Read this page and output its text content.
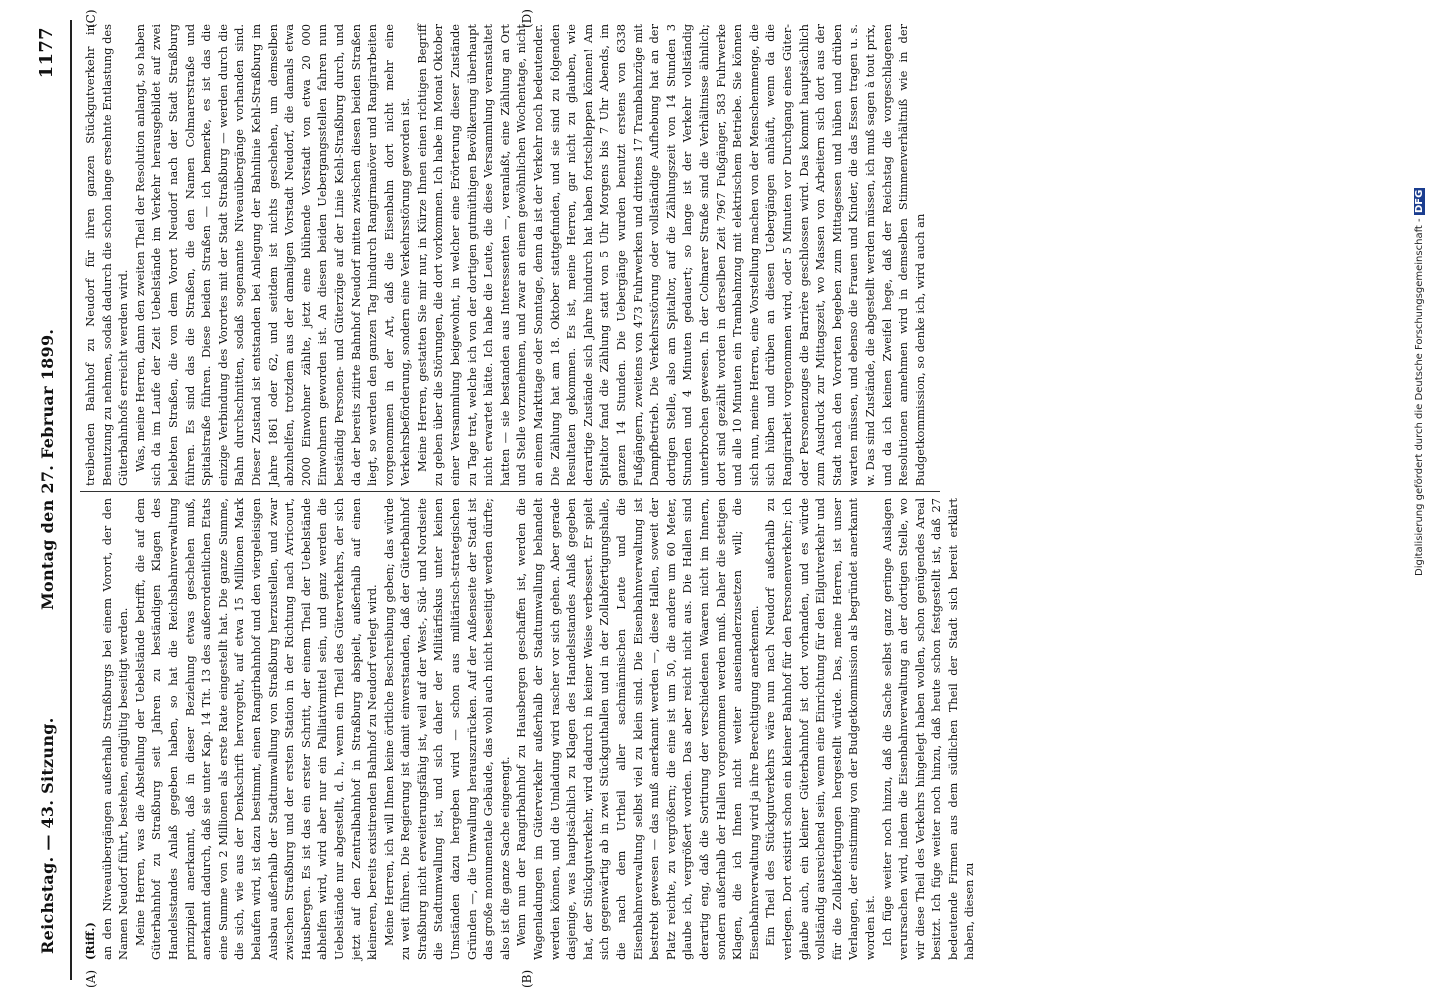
Reichstag. — 43. Sitzung.
Montag den 27. Februar 1899.
1177
(A)	(B)
(C)	(D)

(Riff.) an den Niveauübergängen außerhalb Straßburgs bei einem Vorort, der den Namen Neudorf führt, bestehen, endgültig beseitigt werden. Meine Herren, was die Abstellung der Uebelstände betrifft, die auf dem Güterbahnhof zu Straßburg seit Jahren zu beständigen Klagen des Handelsstandes Anlaß gegeben haben, so hat die Reichsbahnverwaltung prinzipiell anerkannt, daß in dieser Beziehung etwas geschehen muß, anerkannt dadurch, daß sie unter Kap. 14 Tit. 13 des außerordentlichen Etats eine Summe von 2 Millionen als erste Rate eingestellt hat. Die ganze Summe, die sich, wie aus der Denkschrift hervorgeht, auf etwa 15 Millionen Mark belaufen wird, ist dazu bestimmt, einen Rangirbahnhof und den viergeleisigen Ausbau außerhalb der Stadtumwallung von Straßburg herzustellen, und zwar zwischen Straßburg und der ersten Station in der Richtung nach Avricourt, Hausbergen. Es ist das ein erster Schritt, der einem Theil der Uebelstände abhelfen wird, wird aber nur ein Palliativmittel sein, und ganz werden die Uebelstände nur abgestellt, d. h., wenn ein Theil des Güterverkehrs, der sich jetzt auf den Zentralbahnhof in Straßburg abspielt, außerhalb auf einen kleineren, bereits existirenden Bahnhof zu Neudorf verlegt wird. Meine Herren, ich will Ihnen keine örtliche Beschreibung geben; das würde zu weit führen. Die Regierung ist damit einverstanden, daß der Güterbahnhof Straßburg nicht erweiterungsfähig ist, weil auf der West-, Süd- und Nordseite die Stadtumwallung ist, und sich daher der Militärfiskus unter keinen Umständen dazu hergeben wird — schon aus militärisch-strategischen Gründen —, die Umwallung herauszurücken. Auf der Außenseite der Stadt ist das große monumentale Gebäude, das wohl auch nicht beseitigt werden dürfte; also ist die ganze Sache eingeengt. Wenn nun der Rangirbahnhof zu Hausbergen geschaffen ist, werden die Wagenladungen im Güterverkehr außerhalb der Stadtumwallung behandelt werden können, und die Umladung wird rascher vor sich gehen. Aber gerade dasjenige, was hauptsächlich zu Klagen des Handelsstandes Anlaß gegeben hat, der Stückgutverkehr, wird dadurch in keiner Weise verbessert. Er spielt sich gegenwärtig ab in zwei Stückguthallen und in der Zollabfertigungshalle, die nach dem Urtheil aller sachmännischen Leute und die Eisenbahnverwaltung selbst viel zu klein sind. Die Eisenbahnverwaltung ist bestrebt gewesen — das muß anerkannt werden —, diese Hallen, soweit der Platz reichte, zu vergrößern; die eine ist um 50, die andere um 60 Meter, glaube ich, vergrößert worden. Das aber reicht nicht aus. Die Hallen sind derartig eng, daß die Sortirung der verschiedenen Waaren nicht im Innern, sondern außerhalb der Hallen vorgenommen werden muß. Daher die stetigen Klagen, die ich Ihnen nicht weiter auseinanderzusetzen will; die Eisenbahnverwaltung wird ja ihre Berechtigung anerkennen. Ein Theil des Stückgutverkehrs wäre nun nach Neudorf außerhalb zu verlegen. Dort existirt schon ein kleiner Bahnhof für den Personenverkehr; ich glaube auch, ein kleiner Güterbahnhof ist dort vorhanden, und es würde vollständig ausreichend sein, wenn eine Einrichtung für den Eilgutverkehr und für die Zollabfertigungen hergestellt würde. Das, meine Herren, ist unser Verlangen, der einstimmig von der Budgetkommission als begründet anerkannt worden ist. Ich füge weiter noch hinzu, daß die Sache selbst ganz geringe Auslagen verursachen wird, indem die Eisenbahnverwaltung an der dortigen Stelle, wo wir diese Theil des Verkehrs hingelegt haben wollen, schon genügendes Areal besitzt. Ich füge weiter noch hinzu, daß heute schon festgestellt ist, daß 27 bedeutende Firmen aus dem südlichen Theil der Stadt sich bereit erklärt haben, diesen zu

treibenden Bahnhof zu Neudorf für ihren ganzen Stückgutverkehr in Benutzung zu nehmen, sodaß dadurch die schon lange ersehnte Entlastung des Güterbahnhofs erreicht werden wird. Was, meine Herren, dann den zweiten Theil der Resolution anlangt, so haben sich da im Laufe der Zeit Uebelstände im Verkehr herausgebildet auf zwei belebten Straßen, die von dem Vorort Neudorf nach der Stadt Straßburg führen. Es sind das die Straßen, die den Namen Colmarerstraße und Spitalstraße führen. Diese beiden Straßen — ich bemerke, es ist das die einzige Verbindung des Vorortes mit der Stadt Straßburg — werden durch die Bahn durchschnitten, sodaß sogenannte Niveauübergänge vorhanden sind. Dieser Zustand ist entstanden bei Anlegung der Bahnlinie Kehl-Straßburg im Jahre 1861 oder 62, und seitdem ist nichts geschehen, um demselben abzuhelfen, trotzdem aus der damaligen Vorstadt Neudorf, die damals etwa 2000 Einwohner zählte, jetzt eine blühende Vorstadt von etwa 20 000 Einwohnern geworden ist. An diesen beiden Uebergangsstellen fahren nun beständig Personen- und Güterzüge auf der Linie Kehl-Straßburg durch, und da der bereits zitirte Bahnhof Neudorf mitten zwischen diesen beiden Straßen liegt, so werden den ganzen Tag hindurch Rangirmanöver und Rangirarbeiten vorgenommen in der Art, daß die Eisenbahn dort nicht mehr eine Verkehrsbeförderung, sondern eine Verkehrsstörung geworden ist. Meine Herren, gestatten Sie mir nur, in Kürze Ihnen einen richtigen Begriff zu geben über die Störungen, die dort vorkommen. Ich habe im Monat Oktober einer Versammlung beigewohnt, in welcher eine Erörterung dieser Zustände zu Tage trat, welche ich von der dortigen gutmüthigen Bevölkerung überhaupt nicht erwartet hätte. Ich habe die Leute, die diese Versammlung veranstaltet hatten — sie bestanden aus Interessenten —, veranlaßt, eine Zählung an Ort und Stelle vorzunehmen, und zwar an einem gewöhnlichen Wochentage, nicht an einem Markttage oder Sonntage, denn da ist der Verkehr noch bedeutender. Die Zählung hat am 18. Oktober stattgefunden, und sie sind zu folgenden Resultaten gekommen. Es ist, meine Herren, gar nicht zu glauben, wie derartige Zustände sich Jahre hindurch hat haben fortschleppen können! Am Spitaltor fand die Zählung statt von 5 Uhr Morgens bis 7 Uhr Abends, im ganzen 14 Stunden. Die Uebergänge wurden benutzt erstens von 6338 Fußgängern, zweitens von 473 Fuhrwerken und drittens 17 Trambahnzüge mit Dampfbetrieb. Die Verkehrsstörung oder vollständige Aufhebung hat an der dortigen Stelle, also am Spitaltor, auf die Zählungszeit von 14 Stunden 3 Stunden und 4 Minuten gedauert; so lange ist der Verkehr vollständig unterbrochen gewesen. In der Colmarer Straße sind die Verhältnisse ähnlich; dort sind gezählt worden in derselben Zeit 7967 Fußgänger, 583 Fuhrwerke und alle 10 Minuten ein Trambahnzug mit elektrischem Betriebe. Sie können sich nun, meine Herren, eine Vorstellung machen von der Menschenmenge, die sich hüben und drüben an diesen Uebergängen anhäuft, wenn da die Rangirarbeit vorgenommen wird, oder 5 Minuten vor Durchgang eines Güter- oder Personenzuges die Barrière geschlossen wird. Das kommt hauptsächlich zum Ausdruck zur Mittagszeit, wo Massen von Arbeitern sich dort aus der Stadt nach den Vororten begeben zum Mittagessen und hüben und drüben warten müssen, und ebenso die Frauen und Kinder, die das Essen tragen u. s. w. Das sind Zustände, die abgestellt werden müssen, ich muß sagen à tout prix, und da ich keinen Zweifel hege, daß der Reichstag die vorgeschlagenen Resolutionen annehmen wird in demselben Stimmenverhältniß wie in der Budgetkommission, so denke ich, wird auch an	Digitalisierung gefördert durch die Deutsche Forschungsgemeinschaft - DFG
